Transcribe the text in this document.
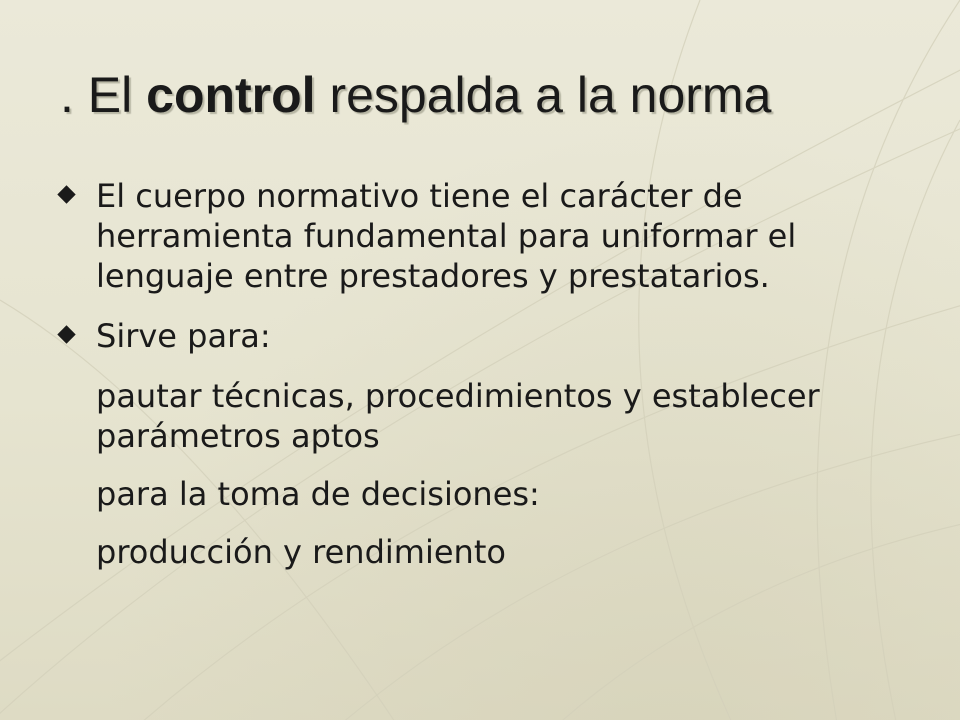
. El control respalda a la norma
El cuerpo normativo tiene el carácter de herramienta fundamental para uniformar el lenguaje entre prestadores y prestatarios.
Sirve para:
pautar técnicas, procedimientos y establecer parámetros aptos
para la toma de decisiones:
producción y rendimiento
